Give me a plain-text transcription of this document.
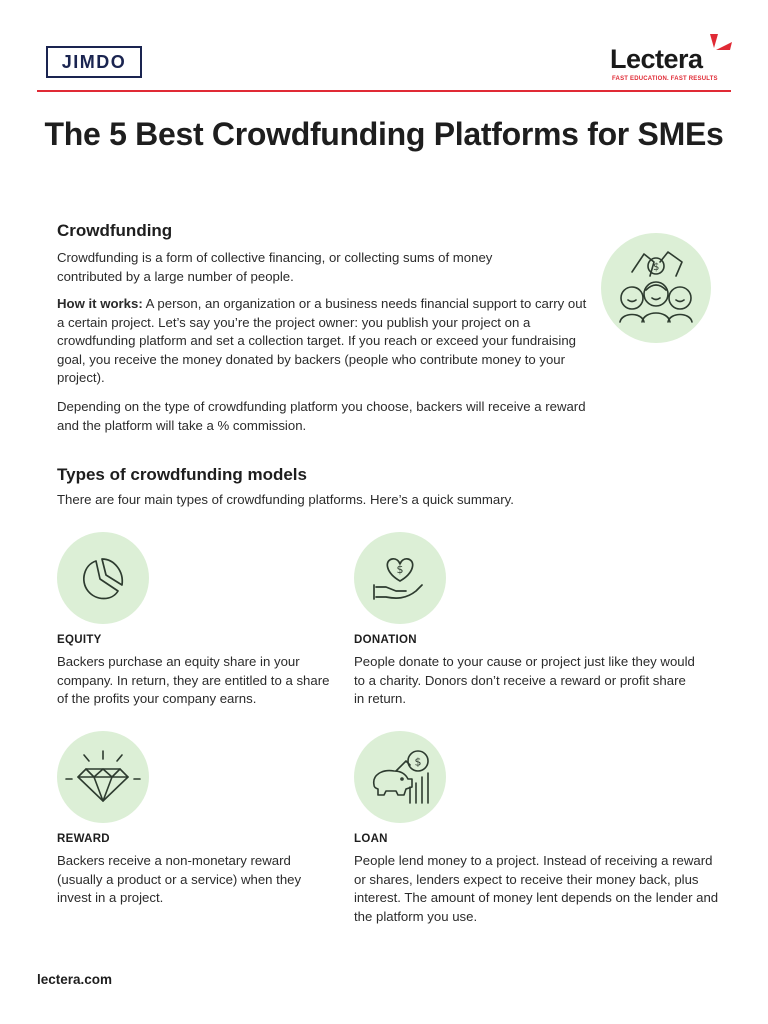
JIMDO	Lectera
FAST EDUCATION. FAST RESULTS
The 5 Best Crowdfunding Platforms for SMEs
Crowdfunding
Crowdfunding is a form of collective financing, or collecting sums of money contributed by a large number of people.
How it works: A person, an organization or a business needs financial support to carry out a certain project. Let’s say you’re the project owner: you publish your project on a crowdfunding platform and set a collection target. If you reach or exceed your fundraising goal, you receive the money donated by backers (people who contribute money to your project).
Depending on the type of crowdfunding platform you choose, backers will receive a reward and the platform will take a % commission.
$
Types of crowdfunding models
There are four main types of crowdfunding platforms. Here’s a quick summary.
EQUITY
Backers purchase an equity share in your company. In return, they are entitled to a share of the profits your company earns.
$
DONATION
People donate to your cause or project just like they would to a charity. Donors don’t receive a reward or profit share in return.
REWARD
Backers receive a non-monetary reward (usually a product or a service) when they invest in a project.
$
LOAN
People lend money to a project. Instead of receiving a reward or shares, lenders expect to receive their money back, plus interest. The amount of money lent depends on the lender and the platform you use.
lectera.com
